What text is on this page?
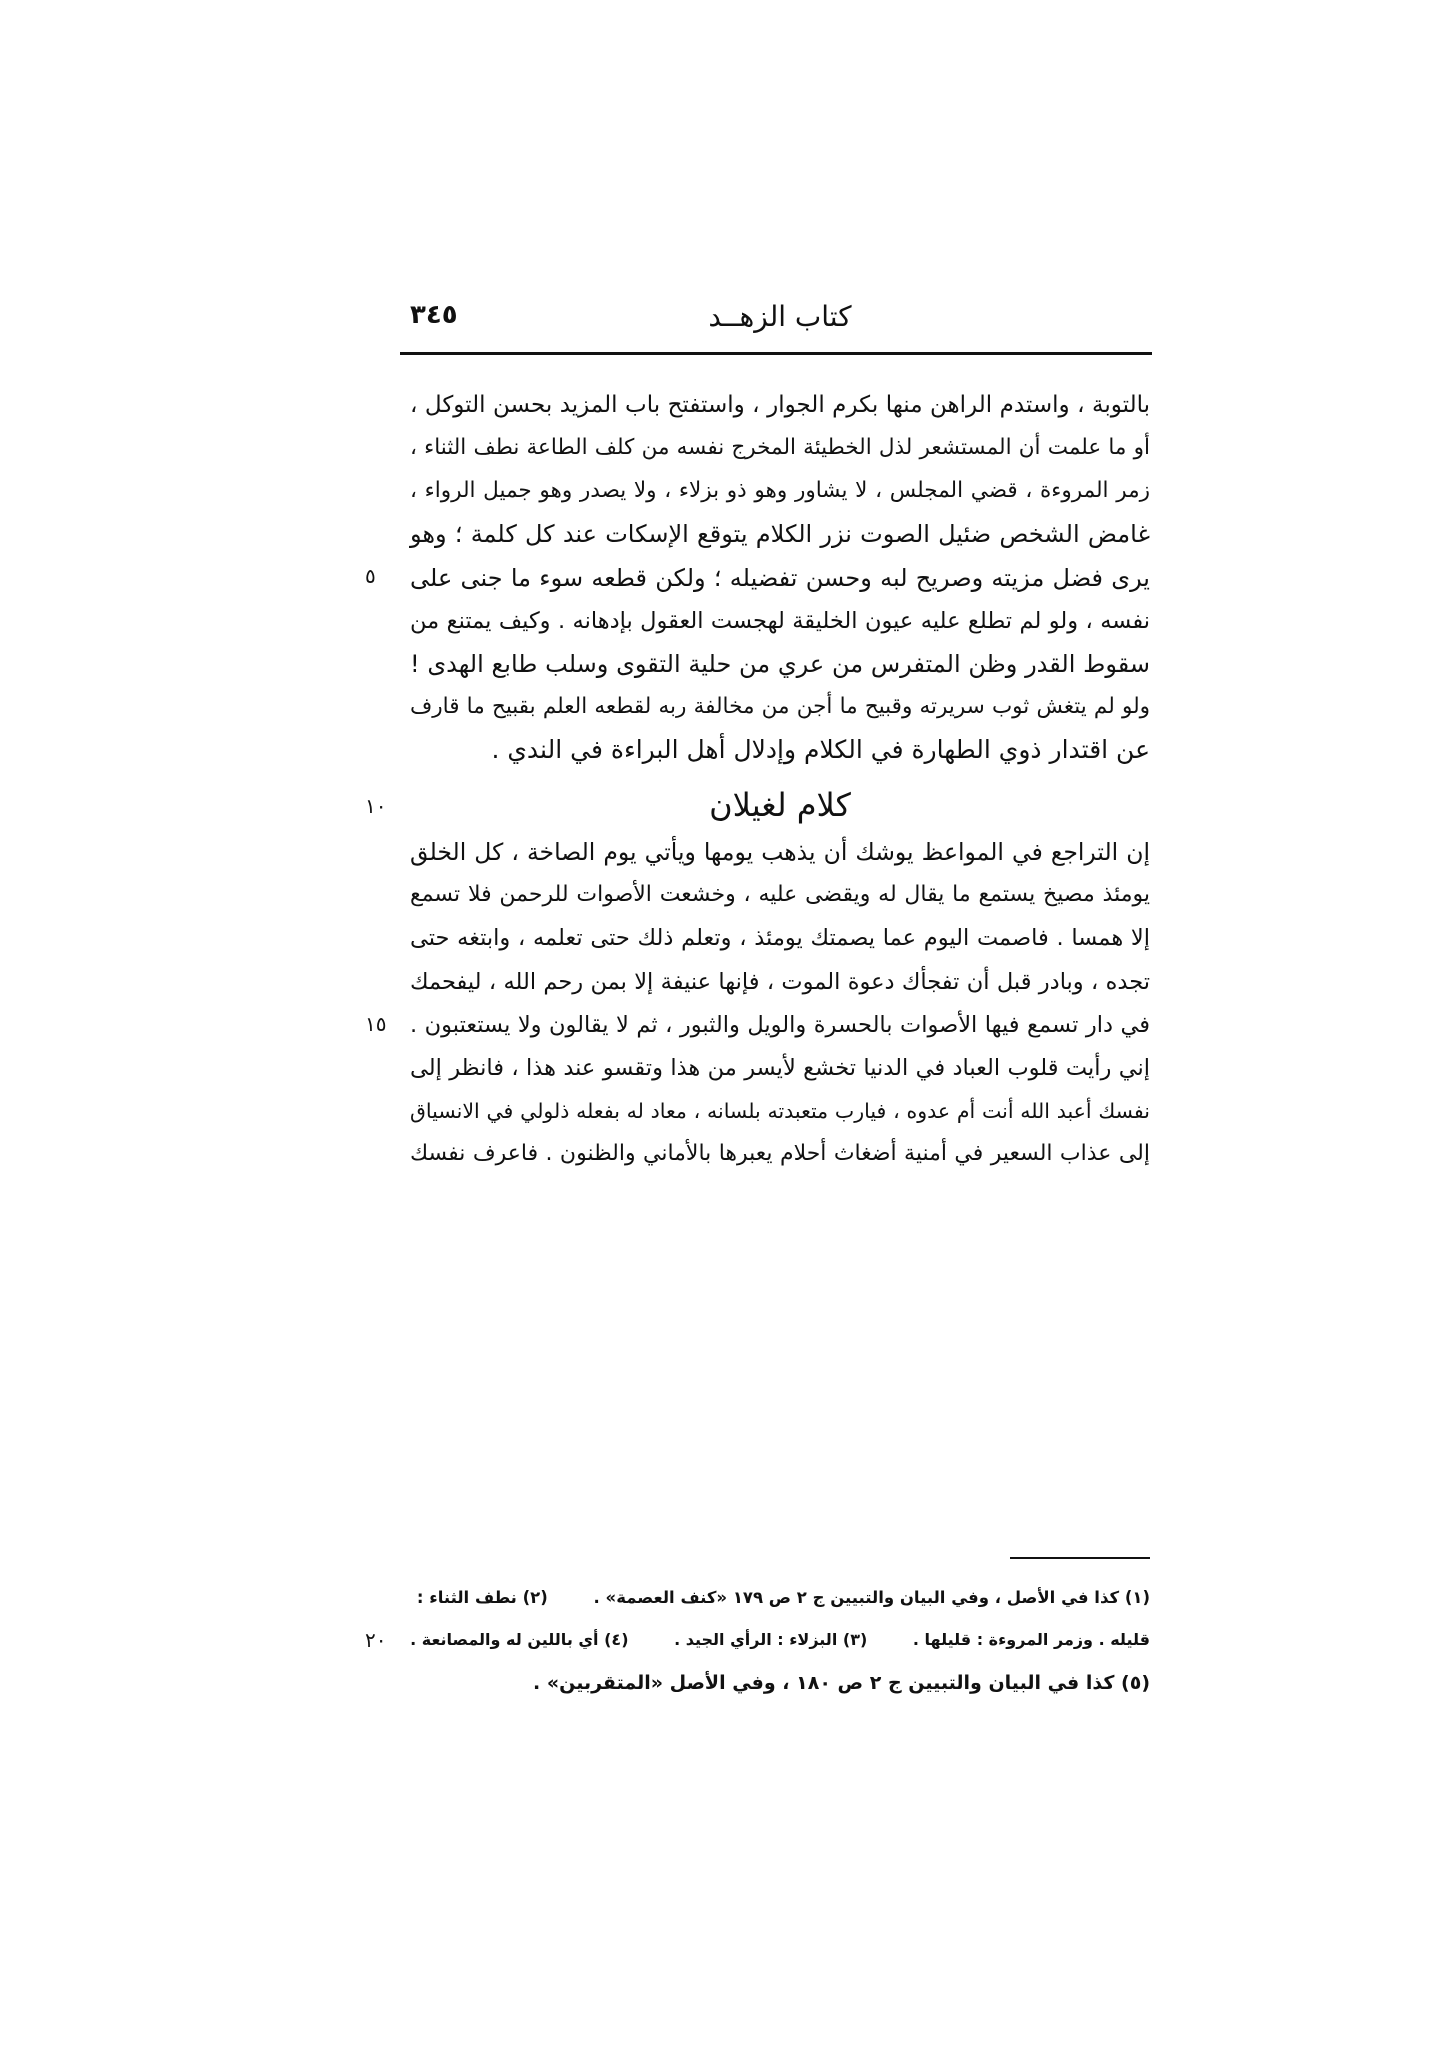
كتاب الزهــد
٣٤٥
بالتوبة ، واستدم الراهن منها بكرم الجوار ، واستفتح باب المزيد بحسن التوكل ،
أو ما علمت أن المستشعر لذل الخطيئة المخرج نفسه من كلف الطاعة نطف الثناء ،
زمر المروءة ، قضي المجلس ، لا يشاور وهو ذو بزلاء ، ولا يصدر وهو جميل الرواء ،
غامض الشخص ضئيل الصوت نزر الكلام يتوقع الإسكات عند كل كلمة ؛ وهو
يرى فضل مزيته وصريح لبه وحسن تفضيله ؛ ولكن قطعه سوء ما جنى على
نفسه ، ولو لم تطلع عليه عيون الخليقة لهجست العقول بإدهانه . وكيف يمتنع من
سقوط القدر وظن المتفرس من عري من حلية التقوى وسلب طابع الهدى !
ولو لم يتغش ثوب سريرته وقبيح ما أجن من مخالفة ربه لقطعه العلم بقبيح ما قارف
عن اقتدار ذوي الطهارة في الكلام وإدلال أهل البراءة في الندي .
كلام لغيلان
إن التراجع في المواعظ يوشك أن يذهب يومها ويأتي يوم الصاخة ، كل الخلق
يومئذ مصيخ يستمع ما يقال له ويقضى عليه ، وخشعت الأصوات للرحمن فلا تسمع
إلا همسا . فاصمت اليوم عما يصمتك يومئذ ، وتعلم ذلك حتى تعلمه ، وابتغه حتى
تجده ، وبادر قبل أن تفجأك دعوة الموت ، فإنها عنيفة إلا بمن رحم الله ، ليفحمك
في دار تسمع فيها الأصوات بالحسرة والويل والثبور ، ثم لا يقالون ولا يستعتبون .
إني رأيت قلوب العباد في الدنيا تخشع لأيسر من هذا وتقسو عند هذا ، فانظر إلى
نفسك أعبد الله أنت أم عدوه ، فيارب متعبدته بلسانه ، معاد له بفعله ذلولي في الانسياق
إلى عذاب السعير في أمنية أضغاث أحلام يعبرها بالأماني والظنون . فاعرف نفسك
٥
١٠
١٥
٢٠
(١) كذا في الأصل ، وفي البيان والتبيين ج ٢ ص ١٧٩ «كنف العصمة» . (٢) نطف الثناء :
قليله . وزمر المروءة : قليلها . (٣) البزلاء : الرأي الجيد . (٤) أي باللين له والمصانعة .
(٥) كذا في البيان والتبيين ج ٢ ص ١٨٠ ، وفي الأصل «المتقربين» .
